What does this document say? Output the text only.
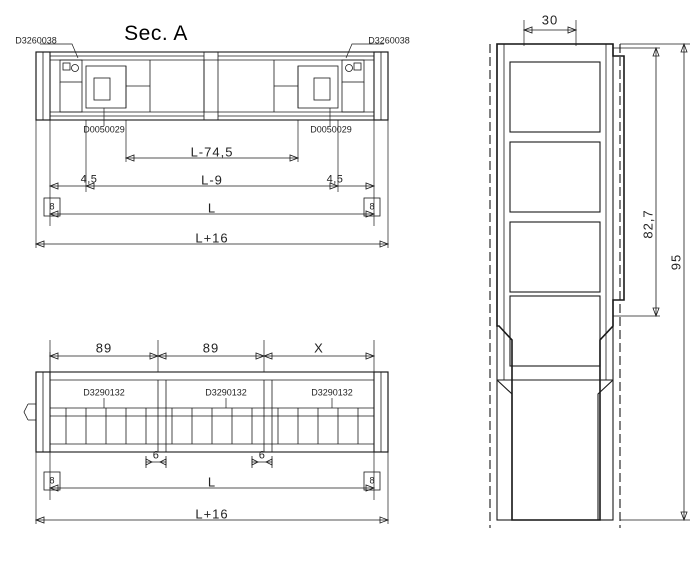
Sec. A
D3260038	D3260038
D0050029	D0050029
L-74,5
L-9
4,5	4,5
L
L+16
8	8
89	89	X
D3290132	D3290132	D3290132
6	6
8	8
L
L+16
30
82,7
95
